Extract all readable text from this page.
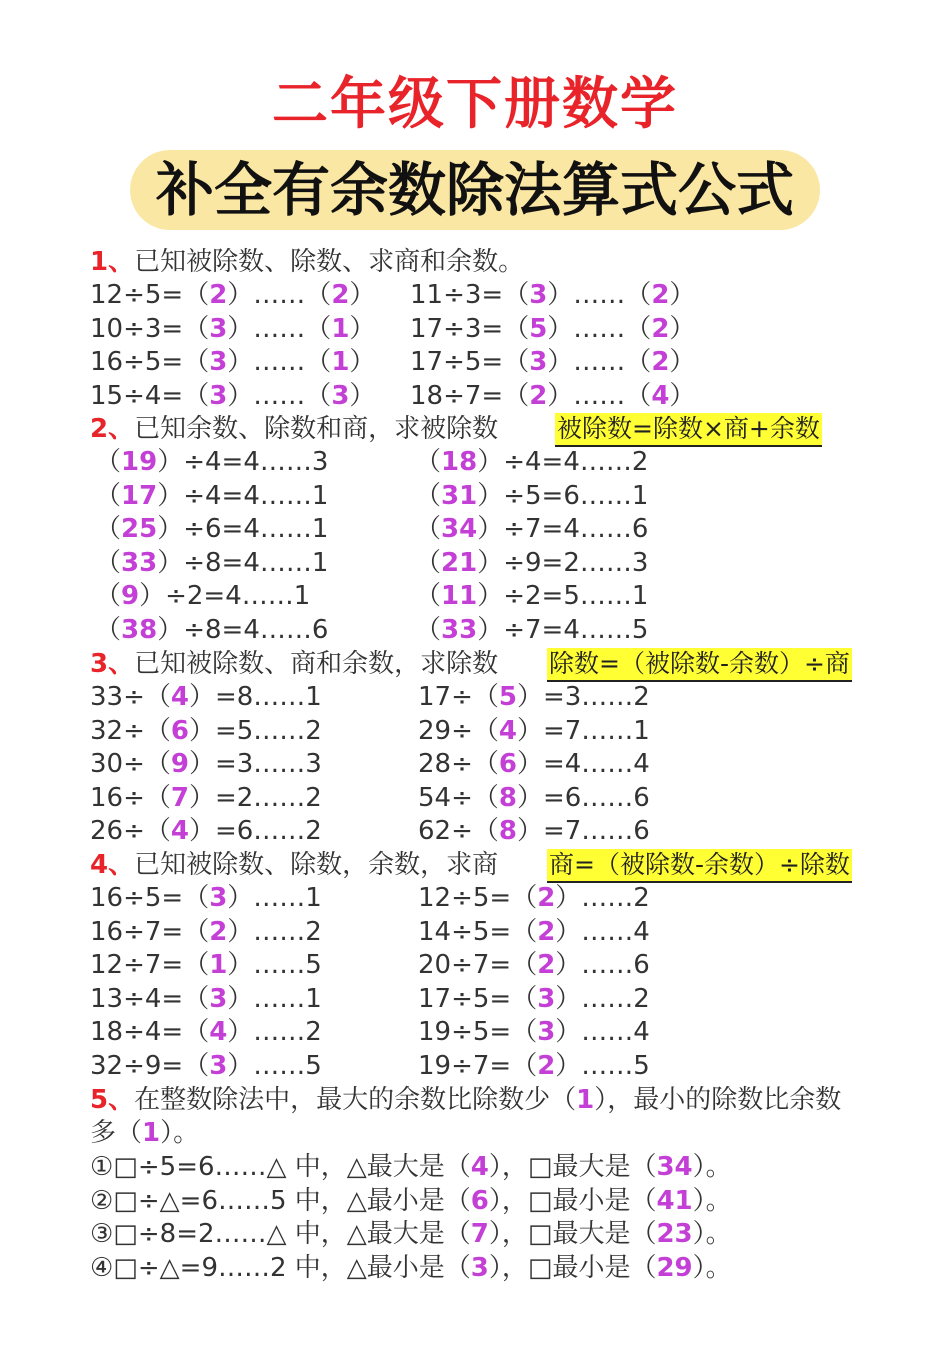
二年级下册数学
补全有余数除法算式公式
1、已知被除数、除数、求商和余数。
12÷5=（2）……（2） 11÷3=（3）……（2）
10÷3=（3）……（1） 17÷3=（5）……（2）
16÷5=（3）……（1） 17÷5=（3）……（2）
15÷4=（3）……（3） 18÷7=（2）……（4）
2、已知余数、除数和商，求被除数 被除数=除数×商+余数
（19）÷4=4……3	（18）÷4=4……2
（17）÷4=4……1	（31）÷5=6……1
（25）÷6=4……1	（34）÷7=4……6
（33）÷8=4……1	（21）÷9=2……3
（9）÷2=4……1	（11）÷2=5……1
（38）÷8=4……6	（33）÷7=4……5
3、已知被除数、商和余数，求除数 除数=（被除数-余数）÷商
33÷（4）=8……1	17÷（5）=3……2
32÷（6）=5……2	29÷（4）=7……1
30÷（9）=3……3	28÷（6）=4……4
16÷（7）=2……2	54÷（8）=6……6
26÷（4）=6……2	62÷（8）=7……6
4、已知被除数、除数，余数，求商 商=（被除数-余数）÷除数
16÷5=（3）……1	12÷5=（2）……2
16÷7=（2）……2	14÷5=（2）……4
12÷7=（1）……5	20÷7=（2）……6
13÷4=（3）……1	17÷5=（3）……2
18÷4=（4）……2	19÷5=（3）……4
32÷9=（3）……5	19÷7=（2）……5
5、在整数除法中，最大的余数比除数少（1），最小的除数比余数
多（1）。
①□÷5=6……△ 中，△最大是（4），□最大是（34）。
②□÷△=6……5 中，△最小是（6），□最小是（41）。
③□÷8=2……△ 中，△最大是（7），□最大是（23）。
④□÷△=9……2 中，△最小是（3），□最小是（29）。
